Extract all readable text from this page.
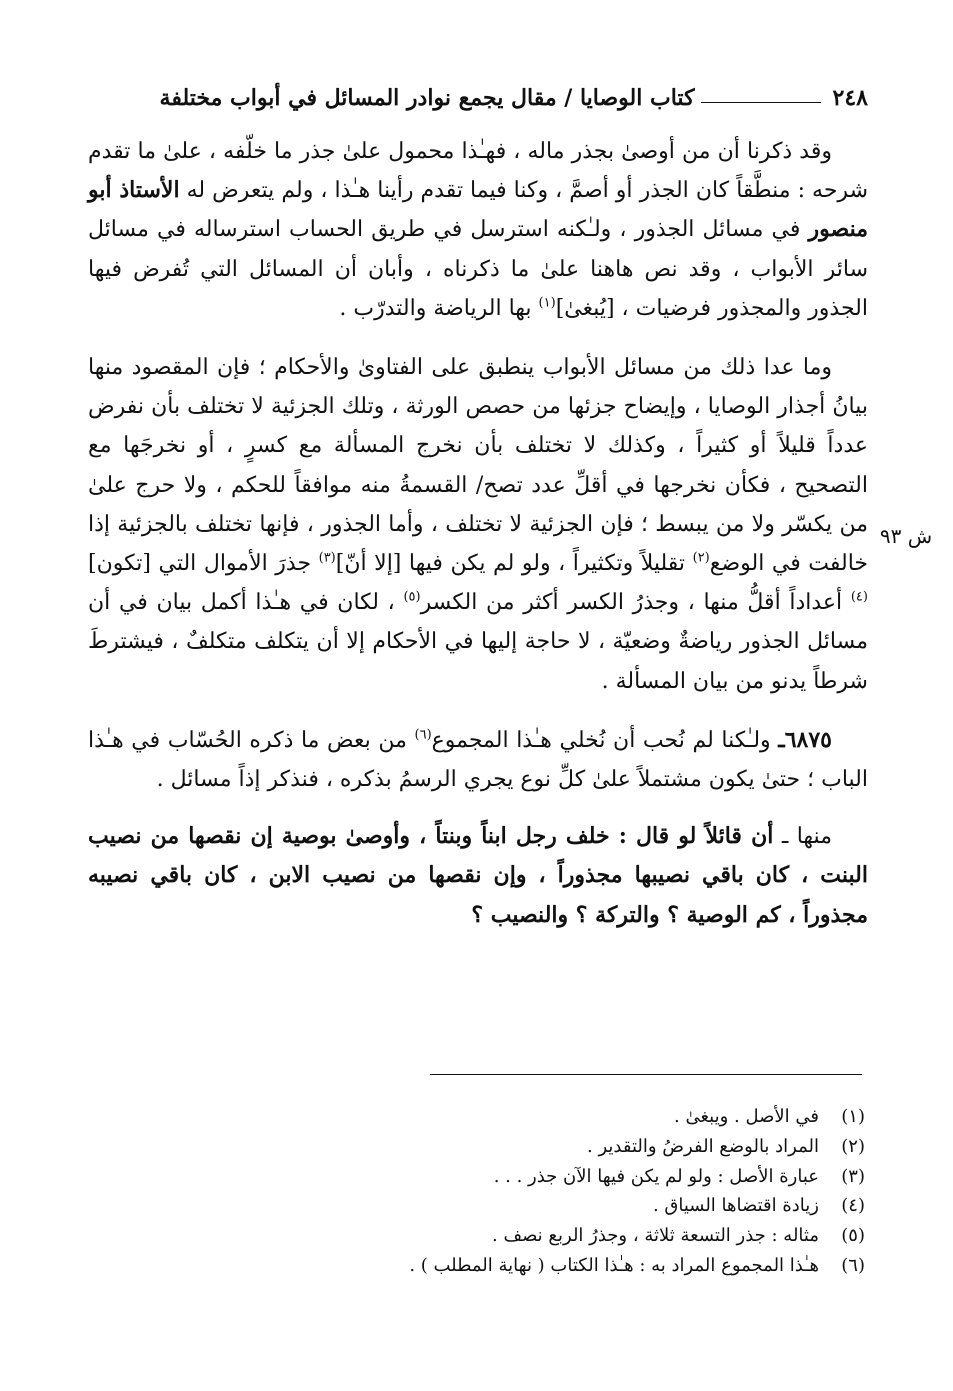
٢٤٨
كتاب الوصايا / مقال يجمع نوادر المسائل في أبواب مختلفة
ش ٩٣

وقد ذكرنا أن من أوصىٰ بجذر ماله ، فهـٰذا محمول علىٰ جذر ما خلّفه ، علىٰ ما تقدم شرحه : منطَّقاً كان الجذر أو أصمَّ ، وكنا فيما تقدم رأينا هـٰذا ، ولم يتعرض له الأستاذ أبو منصور في مسائل الجذور ، ولـٰكنه استرسل في طريق الحساب استرساله في مسائل سائر الأبواب ، وقد نص هاهنا علىٰ ما ذكرناه ، وأبان أن المسائل التي تُفرض فيها الجذور والمجذور فرضيات ، [يُبغىٰ]$^{(١)}$ بها الرياضة والتدرّب .

وما عدا ذلك من مسائل الأبواب ينطبق على الفتاوىٰ والأحكام ؛ فإن المقصود منها بيانُ أجذار الوصايا ، وإيضاح جزئها من حصص الورثة ، وتلك الجزئية لا تختلف بأن نفرض عدداً قليلاً أو كثيراً ، وكذلك لا تختلف بأن نخرج المسألة مع كسرٍ ، أو نخرجَها مع التصحيح ، فكأن نخرجها في أقلِّ عدد تصح/ القسمةُ منه موافقاً للحكم ، ولا حرج علىٰ من يكسّر ولا من يبسط ؛ فإن الجزئية لا تختلف ، وأما الجذور ، فإنها تختلف بالجزئية إذا خالفت في الوضع$^{(٢)}$ تقليلاً وتكثيراً ، ولو لم يكن فيها [إلا أنّ]$^{(٣)}$ جذرَ الأموال التي [تكون]$^{(٤)}$ أعداداً أقلُّ منها ، وجذرُ الكسر أكثر من الكسر$^{(٥)}$ ، لكان في هـٰذا أكمل بيان في أن مسائل الجذور رياضةٌ وضعيّة ، لا حاجة إليها في الأحكام إلا أن يتكلف متكلفٌ ، فيشترطَ شرطاً يدنو من بيان المسألة .

٦٨٧٥ـ ولـٰكنا لم نُحب أن نُخلي هـٰذا المجموع$^{(٦)}$ من بعض ما ذكره الحُسّاب في هـٰذا الباب ؛ حتىٰ يكون مشتملاً علىٰ كلِّ نوع يجري الرسمُ بذكره ، فنذكر إذاً مسائل .

منها ـ أن قائلاً لو قال : خلف رجل ابناً وبنتاً ، وأوصىٰ بوصية إن نقصها من نصيب البنت ، كان باقي نصيبها مجذوراً ، وإن نقصها من نصيب الابن ، كان باقي نصيبه مجذوراً ، كم الوصية ؟ والتركة ؟ والنصيب ؟

(١)
في الأصل . ويبغىٰ .
(٢)
المراد بالوضع الفرضُ والتقدير .
(٣)
عبارة الأصل : ولو لم يكن فيها الآن جذر . . .
(٤)
زيادة اقتضاها السياق .
(٥)
مثاله : جذر التسعة ثلاثة ، وجذرُ الربع نصف .
(٦)
هـٰذا المجموع المراد به : هـٰذا الكتاب ( نهاية المطلب ) .
